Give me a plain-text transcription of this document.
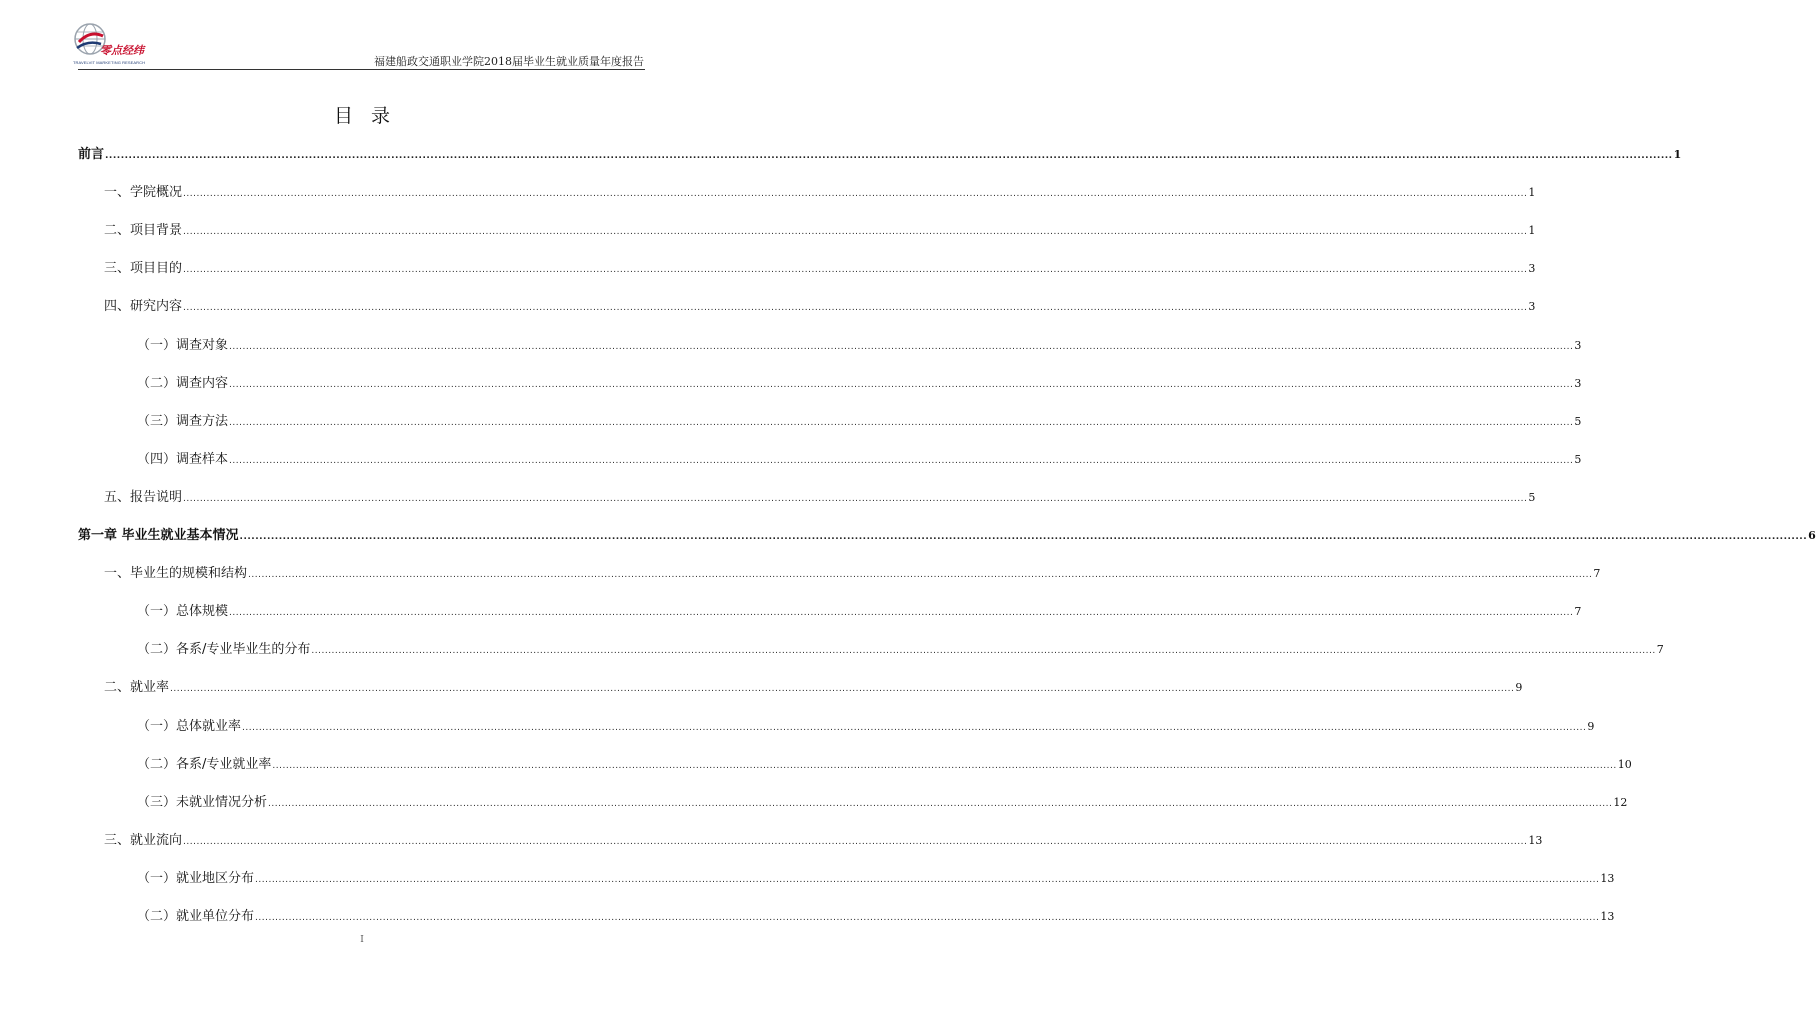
零点经纬
TRAVELVIT MARKETING RESEARCH	福建船政交通职业学院2018届毕业生就业质量年度报告
目录
前言 ................................................................................................................................................................................................................................................................................................................................................................................................................ 1
一、学院概况 ................................................................................................................................................................................................................................................................................................................................................................................................................ 1
二、项目背景 ................................................................................................................................................................................................................................................................................................................................................................................................................ 1
三、项目目的 ................................................................................................................................................................................................................................................................................................................................................................................................................ 3
四、研究内容 ................................................................................................................................................................................................................................................................................................................................................................................................................ 3
（一）调查对象 ................................................................................................................................................................................................................................................................................................................................................................................................................ 3
（二）调查内容 ................................................................................................................................................................................................................................................................................................................................................................................................................ 3
（三）调查方法 ................................................................................................................................................................................................................................................................................................................................................................................................................ 5
（四）调查样本 ................................................................................................................................................................................................................................................................................................................................................................................................................ 5
五、报告说明 ................................................................................................................................................................................................................................................................................................................................................................................................................ 5
第一章 毕业生就业基本情况 ................................................................................................................................................................................................................................................................................................................................................................................................................ 6
一、毕业生的规模和结构 ................................................................................................................................................................................................................................................................................................................................................................................................................ 7
（一）总体规模 ................................................................................................................................................................................................................................................................................................................................................................................................................ 7
（二）各系/专业毕业生的分布 ................................................................................................................................................................................................................................................................................................................................................................................................................ 7
二、就业率 ................................................................................................................................................................................................................................................................................................................................................................................................................ 9
（一）总体就业率 ................................................................................................................................................................................................................................................................................................................................................................................................................ 9
（二）各系/专业就业率 ................................................................................................................................................................................................................................................................................................................................................................................................................ 10
（三）未就业情况分析 ................................................................................................................................................................................................................................................................................................................................................................................................................ 12
三、就业流向 ................................................................................................................................................................................................................................................................................................................................................................................................................ 13
（一）就业地区分布 ................................................................................................................................................................................................................................................................................................................................................................................................................ 13
（二）就业单位分布 ................................................................................................................................................................................................................................................................................................................................................................................................................ 13
I
